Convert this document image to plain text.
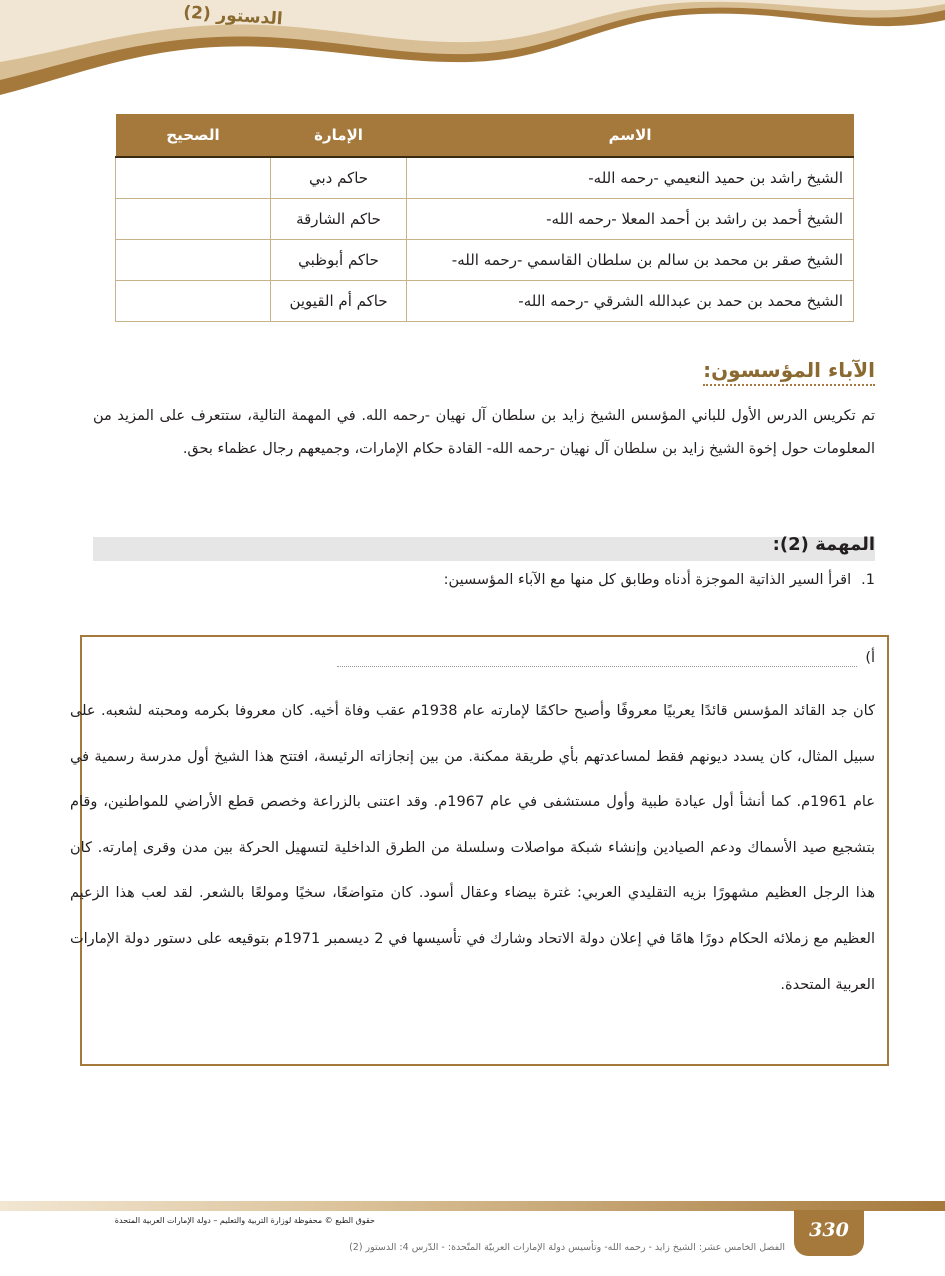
الدستور (2)
الاسم	الإمارة	الصحيح
الشيخ راشد بن حميد النعيمي -رحمه الله-	حاكم دبي	
الشيخ أحمد بن راشد بن أحمد المعلا -رحمه الله-	حاكم الشارقة	
الشيخ صقر بن محمد بن سالم بن سلطان القاسمي -رحمه الله-	حاكم أبوظبي	
الشيخ محمد بن حمد بن عبدالله الشرقي -رحمه الله-	حاكم أم القيوين	
الآباء المؤسسون:

تم تكريس الدرس الأول للباني المؤسس الشيخ زايد بن سلطان آل نهيان -رحمه الله. في المهمة التالية، ستتعرف على المزيد من المعلومات حول إخوة الشيخ زايد بن سلطان آل نهيان -رحمه الله- القادة حكام الإمارات، وجميعهم رجال عظماء بحق.

المهمة (2):
1.اقرأ السير الذاتية الموجزة أدناه وطابق كل منها مع الآباء المؤسسين:
أ)

كان جد القائد المؤسس قائدًا يعربيًا معروفًا وأصبح حاكمًا لإمارته عام 1938م عقب وفاة أخيه. كان معروفا بكرمه ومحبته لشعبه. على سبيل المثال، كان يسدد ديونهم فقط لمساعدتهم بأي طريقة ممكنة. من بين إنجازاته الرئيسة، افتتح هذا الشيخ أول مدرسة رسمية في عام 1961م. كما أنشأ أول عيادة طبية وأول مستشفى في عام 1967م. وقد اعتنى بالزراعة وخصص قطع الأراضي للمواطنين، وقام بتشجيع صيد الأسماك ودعم الصيادين وإنشاء شبكة مواصلات وسلسلة من الطرق الداخلية لتسهيل الحركة بين مدن وقرى إمارته. كان هذا الرجل العظيم مشهورًا بزيه التقليدي العربي: غترة بيضاء وعقال أسود. كان متواضعًا، سخيًا ومولعًا بالشعر. لقد لعب هذا الزعيم العظيم مع زملائه الحكام دورًا هامًا في إعلان دولة الاتحاد وشارك في تأسيسها في 2 ديسمبر 1971م بتوقيعه على دستور دولة الإمارات العربية المتحدة.

330
حقوق الطبع © محفوظة لوزارة التربية والتعليم – دولة الإمارات العربية المتحدة
الفصل الخامس عشر: الشيخ زايد - رحمه الله- وتأسيس دولة الإمارات العربيّة المتّحدة: - الدّرس 4: الدستور (2)
